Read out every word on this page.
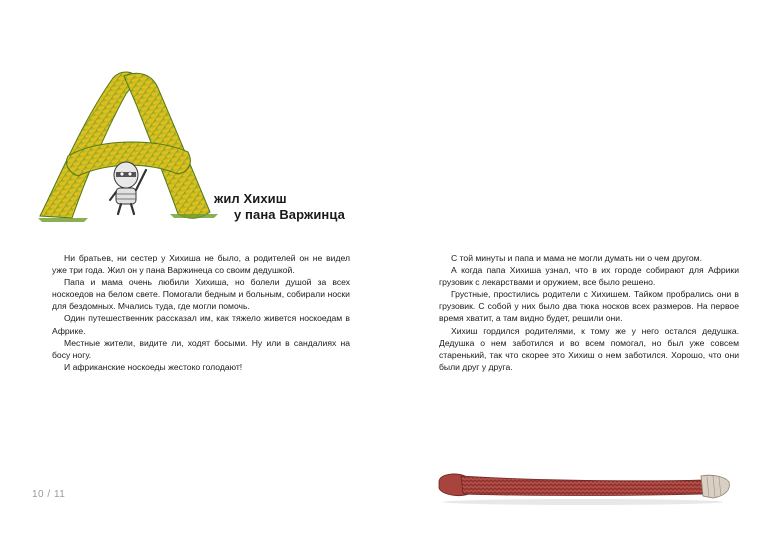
жил Хихиш
у пана Варжинца

Ни братьев, ни сестер у Хихиша не было, а родителей он не видел уже три года. Жил он у пана Варжинеца со своим дедушкой.

Папа и мама очень любили Хихиша, но болели душой за всех носкоедов на белом свете. Помогали бедным и больным, собирали носки для бездомных. Мчались туда, где могли помочь.

Один путешественник рассказал им, как тяжело живется носкоедам в Африке.

Местные жители, видите ли, ходят босыми. Ну или в сандалиях на босу ногу.

И африканские носкоеды жестоко голодают!

10 / 11

С той минуты и папа и мама не могли думать ни о чем другом.

А когда папа Хихиша узнал, что в их городе собирают для Африки грузовик с лекарствами и оружием, все было решено.

Грустные, простились родители с Хихишем. Тайком пробрались они в грузовик. С собой у них было два тюка носков всех размеров. На первое время хватит, а там видно будет, решили они.

Хихиш гордился родителями, к тому же у него остался дедушка. Дедушка о нем заботился и во всем помогал, но был уже совсем старенький, так что скорее это Хихиш о нем заботился. Хорошо, что они были друг у друга.
